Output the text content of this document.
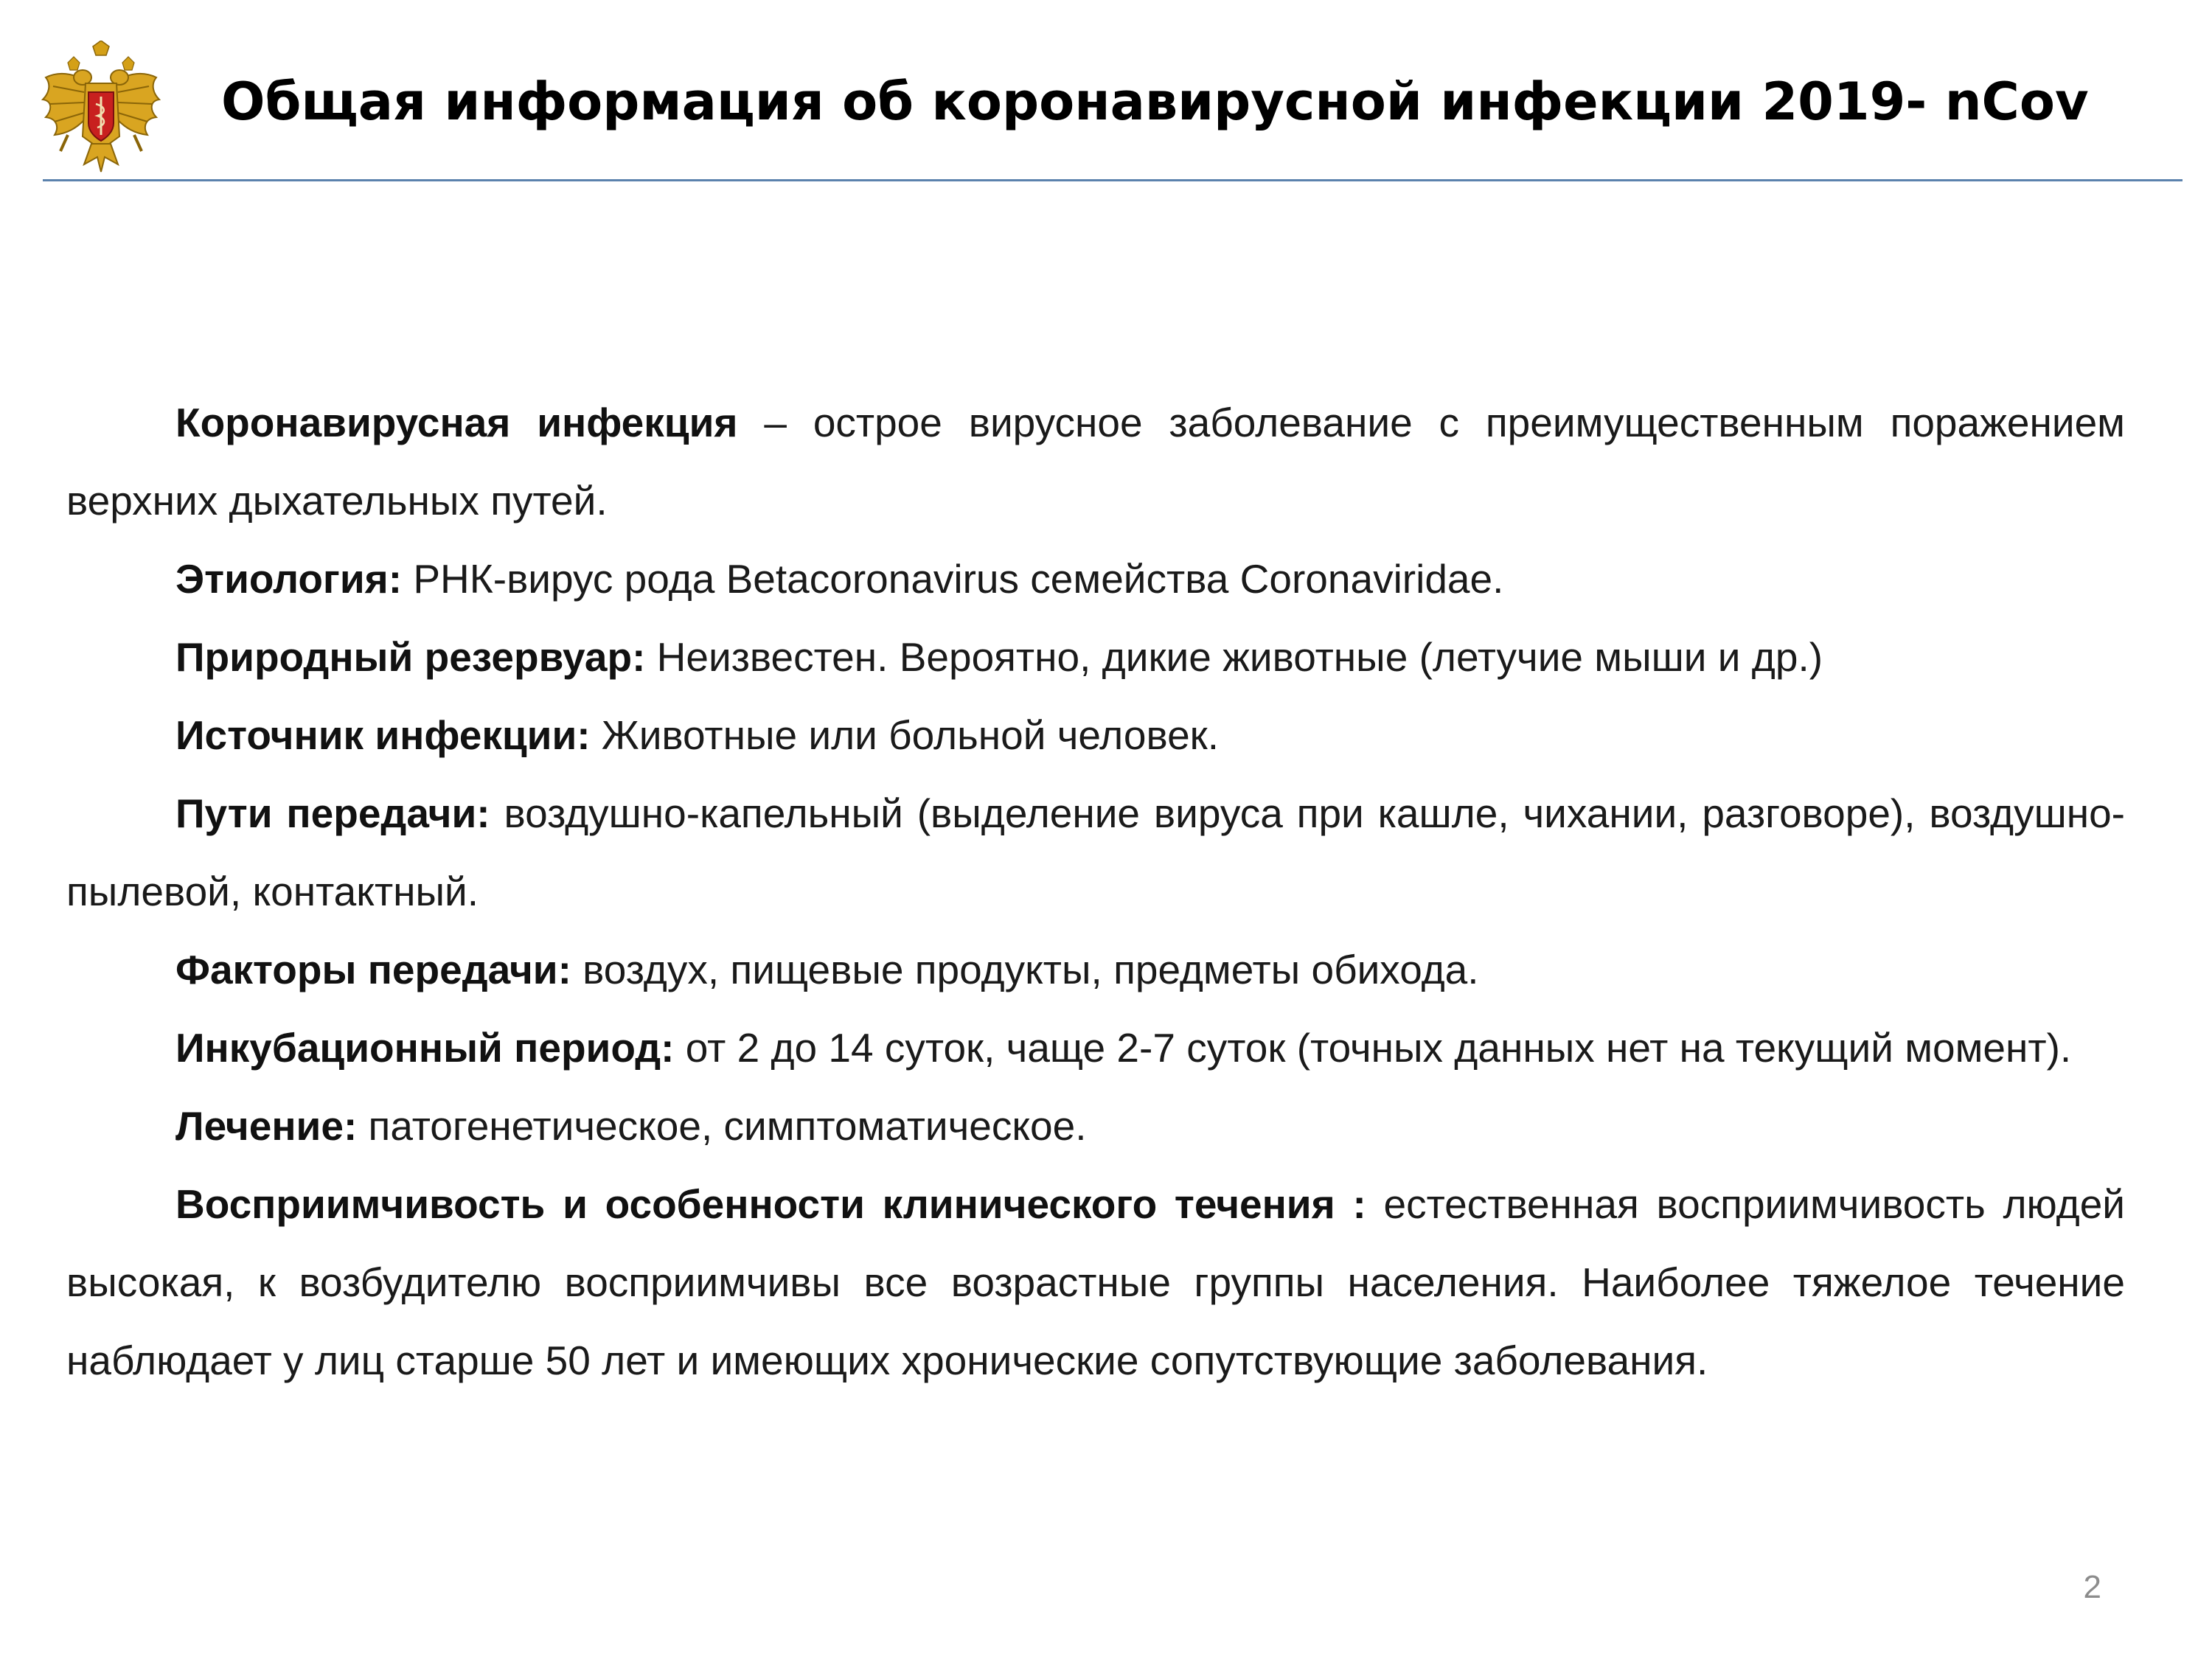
Общая информация об коронавирусной инфекции 2019- nCov

Коронавирусная инфекция – острое вирусное заболевание с преимущественным поражением верхних дыхательных путей.

Этиология: РНК-вирус рода Betacoronavirus семейства Coronaviridae.

Природный резервуар: Неизвестен. Вероятно, дикие животные (летучие мыши и др.)

Источник инфекции: Животные или больной человек.

Пути передачи: воздушно-капельный (выделение вируса при кашле, чихании, разговоре), воздушно-пылевой, контактный.

Факторы передачи: воздух, пищевые продукты, предметы обихода.

Инкубационный период: от 2 до 14 суток, чаще 2-7 суток (точных данных нет на текущий момент).

Лечение: патогенетическое, симптоматическое.

Восприимчивость и особенности клинического течения : естественная восприимчивость людей высокая, к возбудителю восприимчивы все возрастные группы населения. Наиболее тяжелое течение наблюдает у лиц старше 50 лет и имеющих хронические сопутствующие заболевания.

2
